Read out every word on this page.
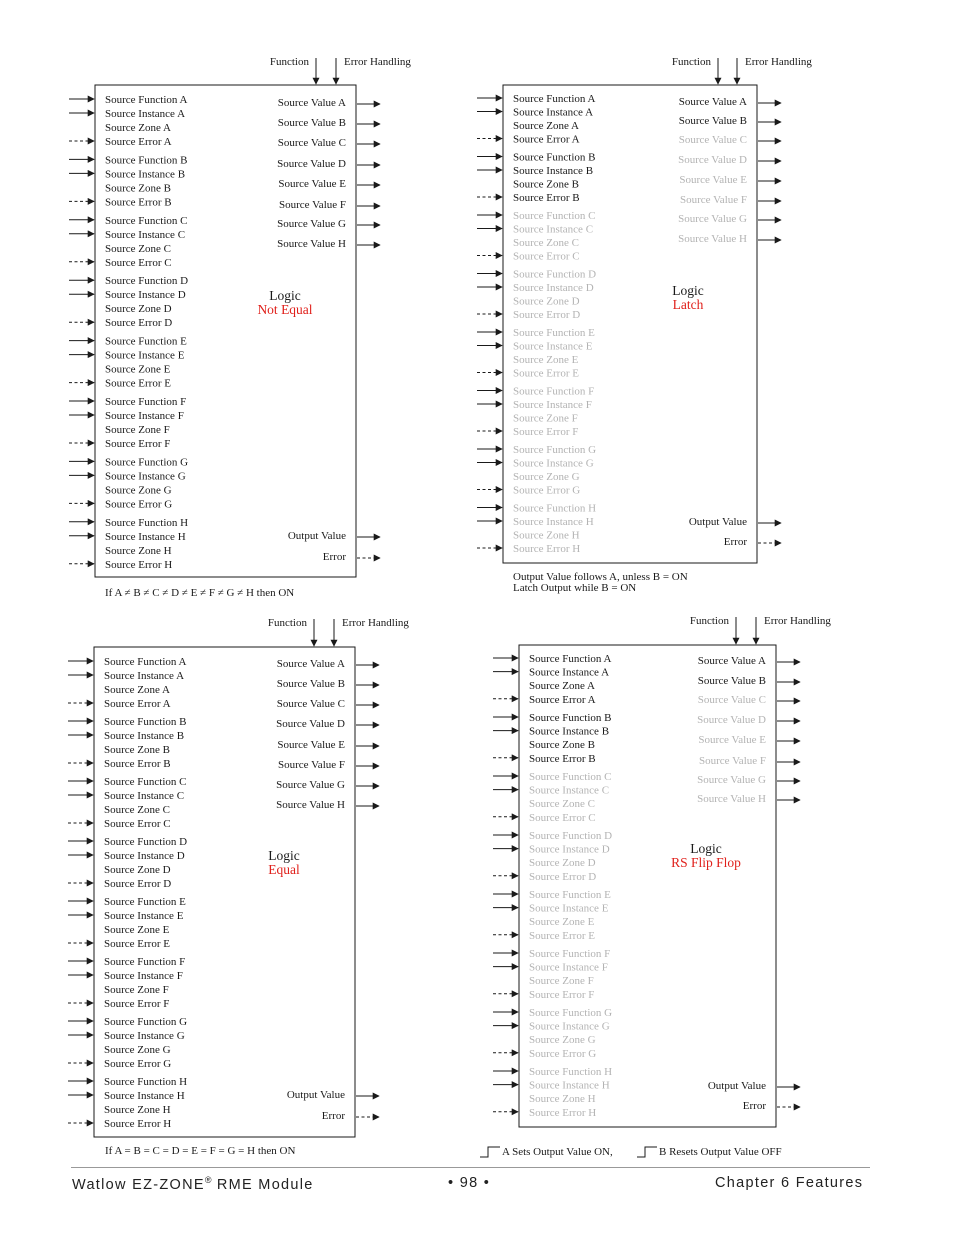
Function	Error Handling
Source Function A
Source Instance A
Source Zone A
Source Error A
Source Function B
Source Instance B
Source Zone B
Source Error B
Source Function C
Source Instance C
Source Zone C
Source Error C
Source Function D
Source Instance D
Source Zone D
Source Error D
Source Function E
Source Instance E
Source Zone E
Source Error E
Source Function F
Source Instance F
Source Zone F
Source Error F
Source Function G
Source Instance G
Source Zone G
Source Error G
Source Function H
Source Instance H
Source Zone H
Source Error H
Source Value A
Source Value B
Source Value C
Source Value D
Source Value E
Source Value F
Source Value G
Source Value H
Output Value
Error
Logic
Not Equal
If A ≠ B ≠ C ≠ D ≠ E ≠ F ≠ G ≠ H then ON
Function	Error Handling
Source Function A
Source Instance A
Source Zone A
Source Error A
Source Function B
Source Instance B
Source Zone B
Source Error B
Source Function C
Source Instance C
Source Zone C
Source Error C
Source Function D
Source Instance D
Source Zone D
Source Error D
Source Function E
Source Instance E
Source Zone E
Source Error E
Source Function F
Source Instance F
Source Zone F
Source Error F
Source Function G
Source Instance G
Source Zone G
Source Error G
Source Function H
Source Instance H
Source Zone H
Source Error H
Source Value A
Source Value B
Source Value C
Source Value D
Source Value E
Source Value F
Source Value G
Source Value H
Output Value
Error
Logic
Latch
Output Value follows A, unless B = ON
Latch Output while B = ON
Function	Error Handling
Source Function A
Source Instance A
Source Zone A
Source Error A
Source Function B
Source Instance B
Source Zone B
Source Error B
Source Function C
Source Instance C
Source Zone C
Source Error C
Source Function D
Source Instance D
Source Zone D
Source Error D
Source Function E
Source Instance E
Source Zone E
Source Error E
Source Function F
Source Instance F
Source Zone F
Source Error F
Source Function G
Source Instance G
Source Zone G
Source Error G
Source Function H
Source Instance H
Source Zone H
Source Error H
Source Value A
Source Value B
Source Value C
Source Value D
Source Value E
Source Value F
Source Value G
Source Value H
Output Value
Error
Logic
Equal
If A = B = C = D = E = F = G = H then ON
Function	Error Handling
Source Function A
Source Instance A
Source Zone A
Source Error A
Source Function B
Source Instance B
Source Zone B
Source Error B
Source Function C
Source Instance C
Source Zone C
Source Error C
Source Function D
Source Instance D
Source Zone D
Source Error D
Source Function E
Source Instance E
Source Zone E
Source Error E
Source Function F
Source Instance F
Source Zone F
Source Error F
Source Function G
Source Instance G
Source Zone G
Source Error G
Source Function H
Source Instance H
Source Zone H
Source Error H
Source Value A
Source Value B
Source Value C
Source Value D
Source Value E
Source Value F
Source Value G
Source Value H
Output Value
Error
Logic
RS Flip Flop
A Sets Output Value ON,	B Resets Output Value OFF
Watlow EZ-ZONE® RME Module	• 98 •	Chapter 6 Features
